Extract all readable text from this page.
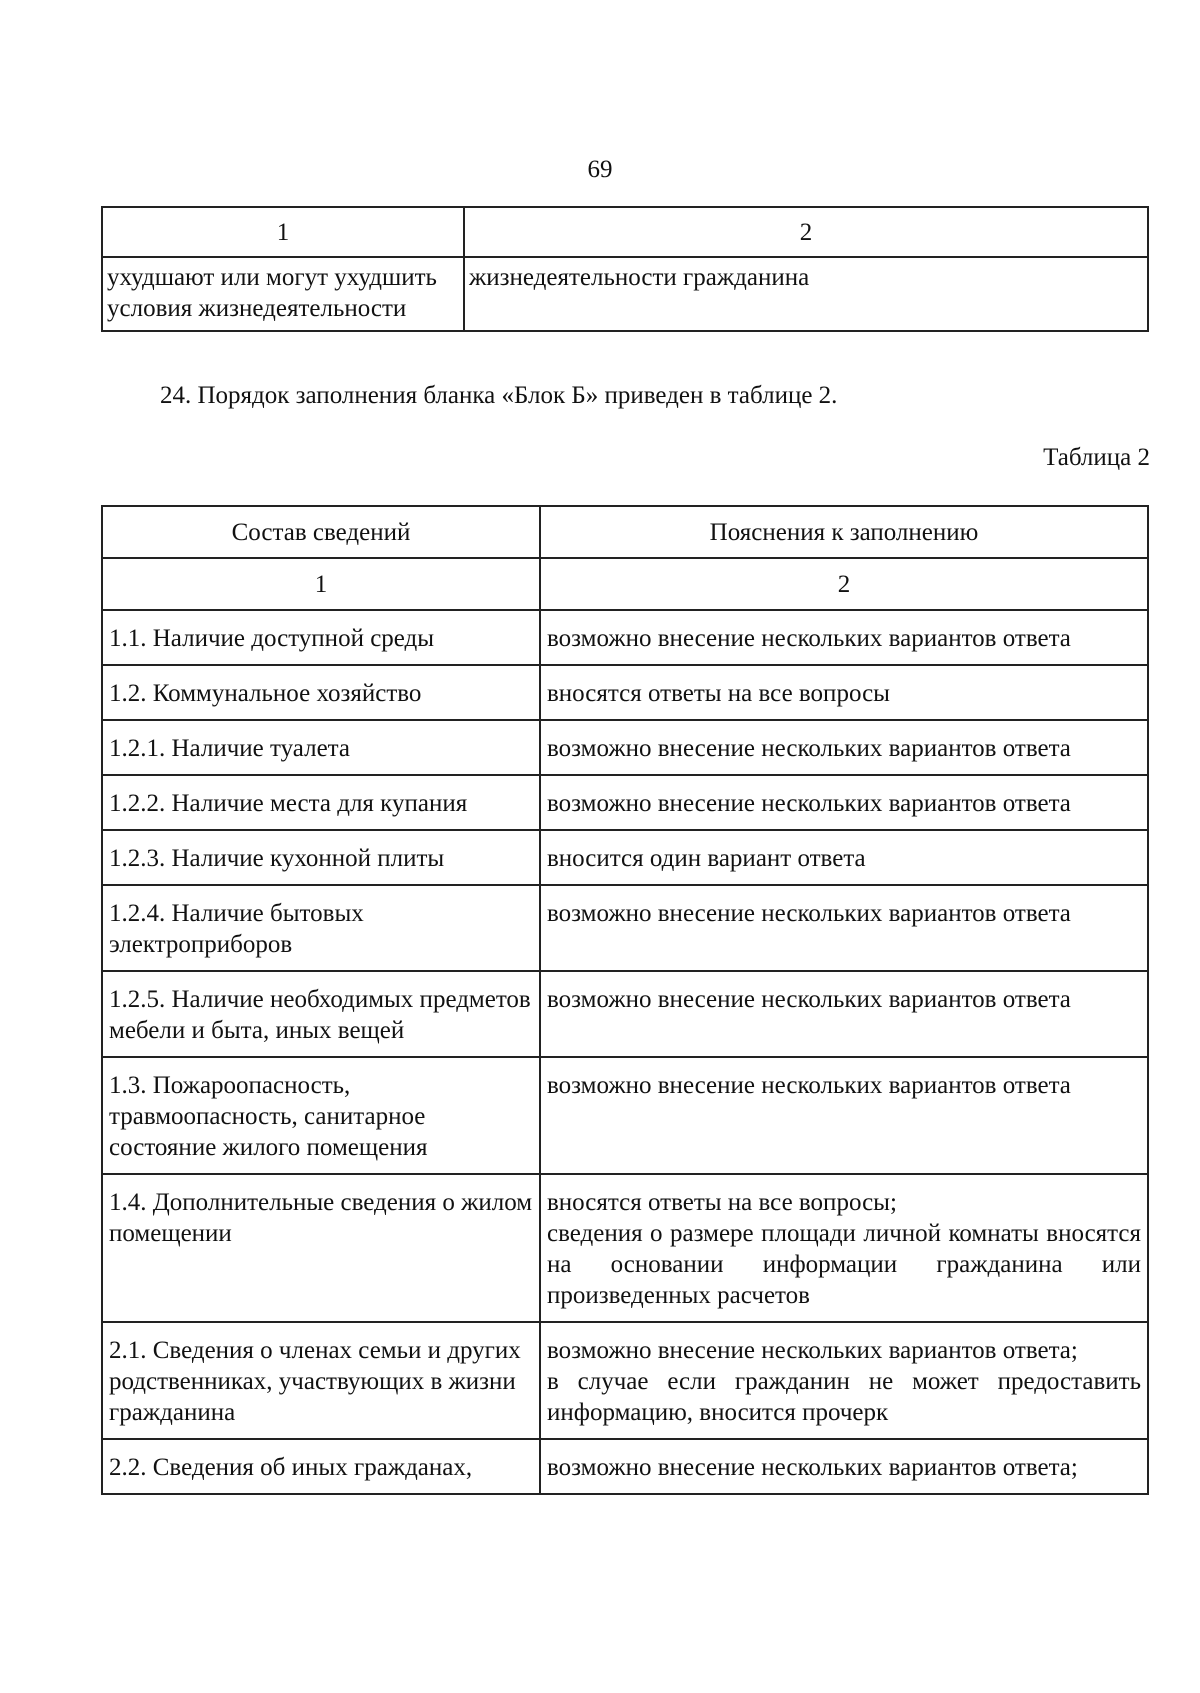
69
1	2
ухудшают или могут ухудшить условия жизнедеятельности	жизнедеятельности гражданина
24. Порядок заполнения бланка «Блок Б» приведен в таблице 2.
Таблица 2
Состав сведений	Пояснения к заполнению
1	2
1.1. Наличие доступной среды	возможно внесение нескольких вариантов ответа
1.2. Коммунальное хозяйство	вносятся ответы на все вопросы
1.2.1. Наличие туалета	возможно внесение нескольких вариантов ответа
1.2.2. Наличие места для купания	возможно внесение нескольких вариантов ответа
1.2.3. Наличие кухонной плиты	вносится один вариант ответа
1.2.4. Наличие бытовых электроприборов	возможно внесение нескольких вариантов ответа
1.2.5. Наличие необходимых предметов мебели и быта, иных вещей	возможно внесение нескольких вариантов ответа
1.3. Пожароопасность, травмоопасность, санитарное состояние жилого помещения	возможно внесение нескольких вариантов ответа
1.4. Дополнительные сведения о жилом помещении	вносятся ответы на все вопросы;
сведения о размере площади личной комнаты вносятся на основании информации гражданина или произведенных расчетов

2.1. Сведения о членах семьи и других родственниках, участвующих в жизни гражданина	возможно внесение нескольких вариантов ответа;
в случае если гражданин не может предоставить информацию, вносится прочерк

2.2. Сведения об иных гражданах,	возможно внесение нескольких вариантов ответа;
